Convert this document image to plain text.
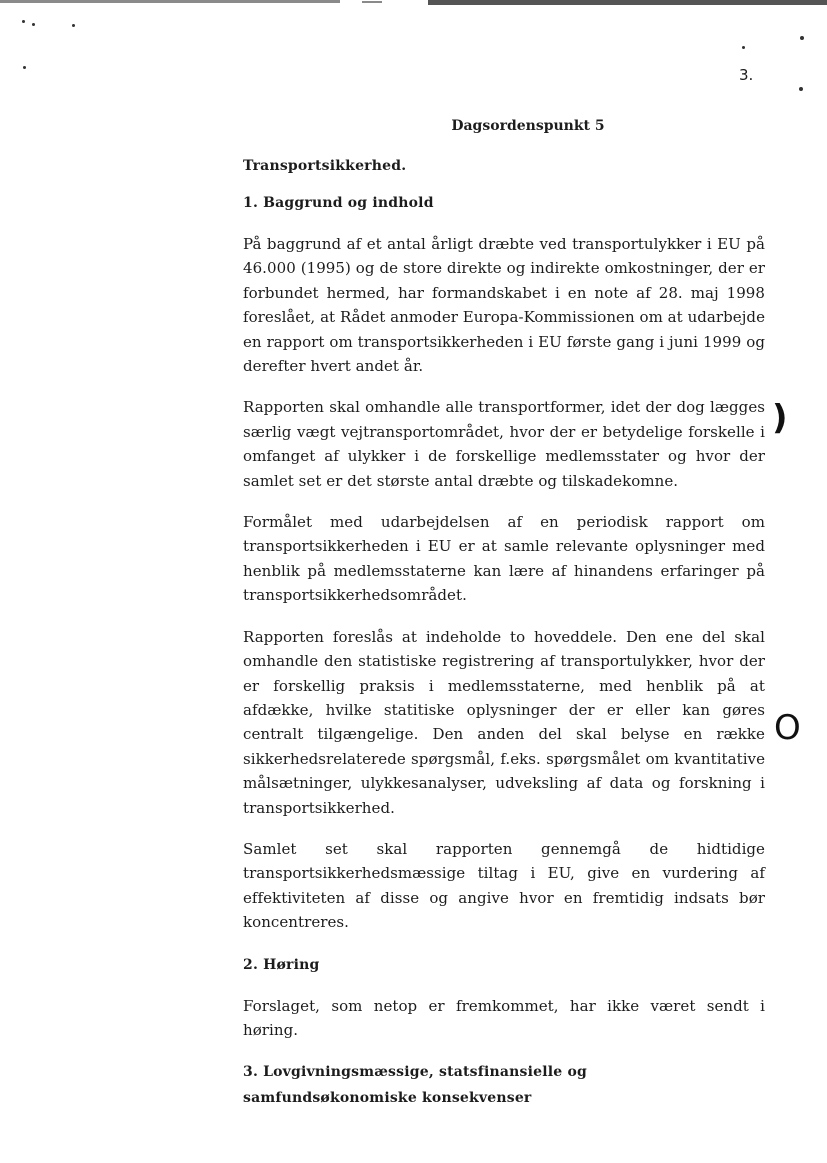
3.
)
O
Dagsordenspunkt 5
Transportsikkerhed.
1. Baggrund og indhold

På baggrund af et antal årligt dræbte ved transportulykker i EU på 46.000 (1995) og de store direkte og indirekte omkostninger, der er forbundet hermed, har formandskabet i en note af 28. maj 1998 foreslået, at Rådet anmoder Europa-Kommissionen om at udarbejde en rapport om transportsikkerheden i EU første gang i juni 1999 og derefter hvert andet år.

Rapporten skal omhandle alle transportformer, idet der dog lægges særlig vægt vejtransportområdet, hvor der er betydelige forskelle i omfanget af ulykker i de forskellige medlemsstater og hvor der samlet set er det største antal dræbte og tilskadekomne.

Formålet med udarbejdelsen af en periodisk rapport om transportsikkerheden i EU er at samle relevante oplysninger med henblik på medlemsstaterne kan lære af hinandens erfaringer på transportsikkerhedsområdet.

Rapporten foreslås at indeholde to hoveddele. Den ene del skal omhandle den statistiske registrering af transportulykker, hvor der er forskellig praksis i medlemsstaterne, med henblik på at afdække, hvilke statitiske oplysninger der er eller kan gøres centralt tilgængelige. Den anden del skal belyse en række sikkerhedsrelaterede spørgsmål, f.eks. spørgsmålet om kvantitative målsætninger, ulykkesanalyser, udveksling af data og forskning i transportsikkerhed.

Samlet set skal rapporten gennemgå de hidtidige transportsikkerhedsmæssige tiltag i EU, give en vurdering af effektiviteten af disse og angive hvor en fremtidig indsats bør koncentreres.

2. Høring

Forslaget, som netop er fremkommet, har ikke været sendt i høring.

3. Lovgivningsmæssige, statsfinansielle og samfundsøkonomiske konsekvenser
